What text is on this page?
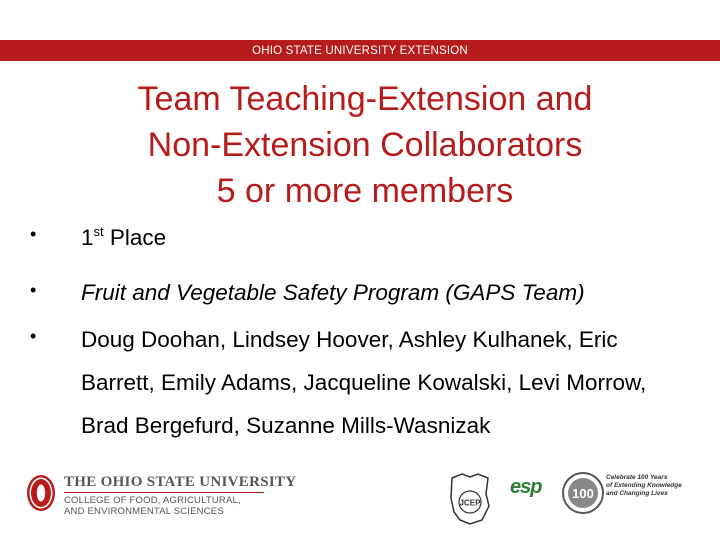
OHIO STATE UNIVERSITY EXTENSION
Team Teaching-Extension and
Non-Extension Collaborators
5 or more members
• 1st Place
• Fruit and Vegetable Safety Program (GAPS Team)
• Doug Doohan, Lindsey Hoover, Ashley Kulhanek, Eric
Barrett, Emily Adams, Jacqueline Kowalski, Levi Morrow,
Brad Bergefurd, Suzanne Mills-Wasnizak
THE OHIO STATE UNIVERSITY
COLLEGE OF FOOD, AGRICULTURAL,
AND ENVIRONMENTAL SCIENCES
JCEP
esp 100
Celebrate 100 Years
of Extending Knowledge
and Changing Lives
